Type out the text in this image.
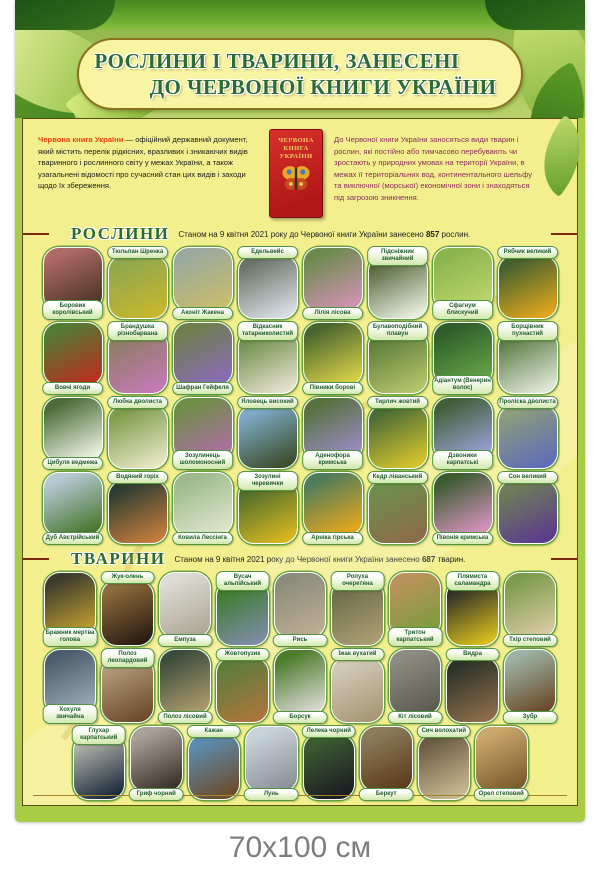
РОСЛИНИ І ТВАРИНИ, ЗАНЕСЕНІ
ДО ЧЕРВОНОЇ КНИГИ УКРАЇНИ

Червона книга України — офіційний державний документ, який містить перелік рідкісних, вразливих і зникаючих видів тваринного і рослинного світу у межах України, а також узагальнені відомості про сучасний стан цих видів і заходи щодо їх збереження.

ЧЕРВОНА
КНИГА
УКРАЇНИ

До Червоної книги України заносяться види тварин і рослин, які постійно або тимчасово перебувають чи зростають у природних умовах на території України, в межах її територіальних вод, континентального шельфу та виключної (морської) економічної зони і знаходяться під загрозою зникнення.

РОСЛИНИ Станом на 9 квітня 2021 року до Червоної книги України занесено 857 рослин.
Боровик королівський
Тюльпан Шренка
Аконіт Жакена
Едельвейс
Лілія лісова
Підсніжник звичайний
Сфагнум блискучий
Рябчик великий
Вовчі ягоди
Брандушка різнобарвана
Шафран Гейфеля
Відкасник татарниколистий
Півники борові
Булавоподібний плавун
Адіантум (Венерин волос)
Борщівник пухнастий
Цибуля ведмежа
Любка дволиста
Зозулинець шоломоносний
Яловець високий
Аденофора кримська
Тирлич жовтий
Дзвоники карпатські
Проліска дволиста
Дуб Австрійський
Водяний горіх
Ковила Лессінга
Зозулині черевички
Арніка гірська
Кедр ліванський
Півонія кримська
Сон великий
ТВАРИНИ Станом на 9 квітня 2021 року до Червоної книги України занесено 687 тварин.
Бражник мертва голова
Жук-олень
Емпуза
Вусач альпійський
Рись
Ропуха очеретяна
Тритон карпатський
Плямиста саламандра
Тхір степовий
Хохуля звичайна
Полоз леопардовий
Полоз лісовий
Жовтопузик
Борсук
Їжак вухатий
Кіт лісовий
Видра
Зубр
Глухар карпатський
Гриф чорний
Кажан
Лунь
Лелека чорний
Беркут
Сич волохатий
Орел степовий
70x100 см
